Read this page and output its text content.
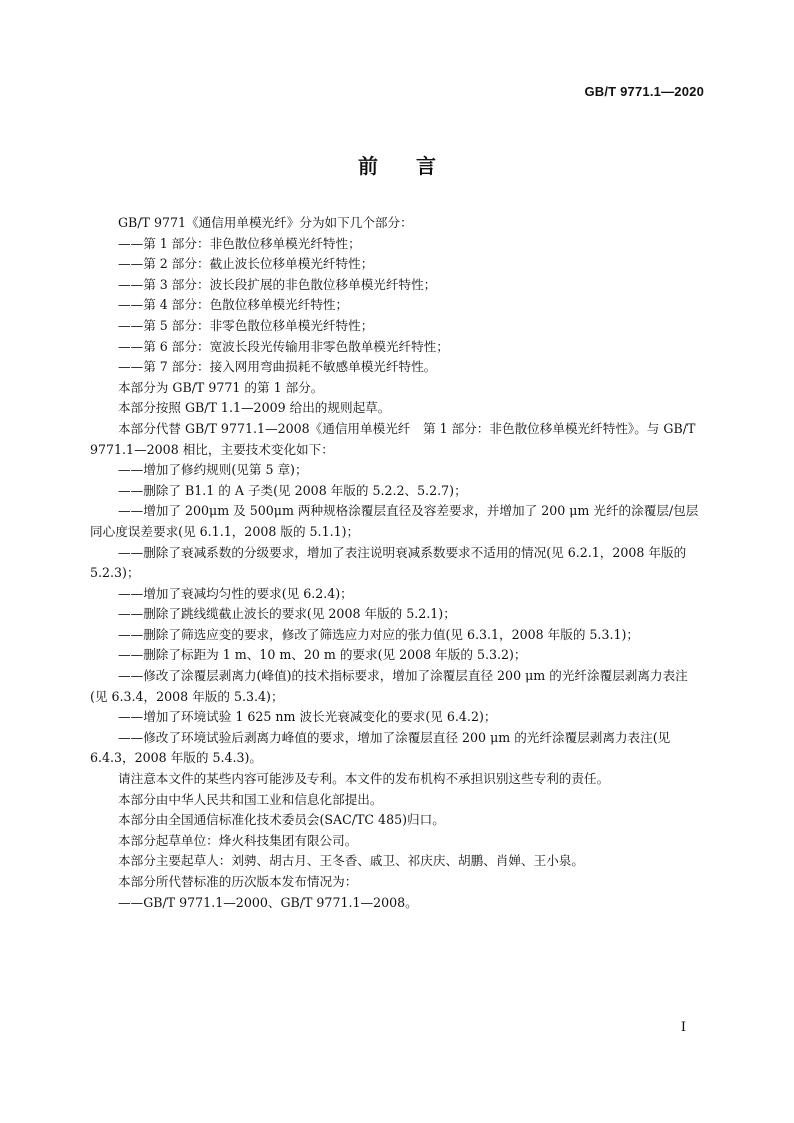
GB/T 9771.1—2020
前 言

GB/T 9771《通信用单模光纤》分为如下几个部分：

——第 1 部分：非色散位移单模光纤特性；

——第 2 部分：截止波长位移单模光纤特性；

——第 3 部分：波长段扩展的非色散位移单模光纤特性；

——第 4 部分：色散位移单模光纤特性；

——第 5 部分：非零色散位移单模光纤特性；

——第 6 部分：宽波长段光传输用非零色散单模光纤特性；

——第 7 部分：接入网用弯曲损耗不敏感单模光纤特性。

本部分为 GB/T 9771 的第 1 部分。

本部分按照 GB/T 1.1—2009 给出的规则起草。

本部分代替 GB/T 9771.1—2008《通信用单模光纤　第 1 部分：非色散位移单模光纤特性》。与 GB/T 9771.1—2008 相比，主要技术变化如下：

——增加了修约规则(见第 5 章)；

——删除了 B1.1 的 A 子类(见 2008 年版的 5.2.2、5.2.7)；

——增加了 200μm 及 500μm 两种规格涂覆层直径及容差要求，并增加了 200 μm 光纤的涂覆层/包层同心度误差要求(见 6.1.1，2008 版的 5.1.1)；

——删除了衰减系数的分级要求，增加了表注说明衰减系数要求不适用的情况(见 6.2.1，2008 年版的 5.2.3)；

——增加了衰减均匀性的要求(见 6.2.4)；

——删除了跳线缆截止波长的要求(见 2008 年版的 5.2.1)；

——删除了筛选应变的要求，修改了筛选应力对应的张力值(见 6.3.1，2008 年版的 5.3.1)；

——删除了标距为 1 m、10 m、20 m 的要求(见 2008 年版的 5.3.2)；

——修改了涂覆层剥离力(峰值)的技术指标要求，增加了涂覆层直径 200 μm 的光纤涂覆层剥离力表注(见 6.3.4，2008 年版的 5.3.4)；

——增加了环境试验 1 625 nm 波长光衰减变化的要求(见 6.4.2)；

——修改了环境试验后剥离力峰值的要求，增加了涂覆层直径 200 μm 的光纤涂覆层剥离力表注(见 6.4.3，2008 年版的 5.4.3)。

请注意本文件的某些内容可能涉及专利。本文件的发布机构不承担识别这些专利的责任。

本部分由中华人民共和国工业和信息化部提出。

本部分由全国通信标准化技术委员会(SAC/TC 485)归口。

本部分起草单位：烽火科技集团有限公司。

本部分主要起草人：刘骋、胡古月、王冬香、戚卫、祁庆庆、胡鹏、肖婵、王小泉。

本部分所代替标准的历次版本发布情况为：

——GB/T 9771.1—2000、GB/T 9771.1—2008。

I
